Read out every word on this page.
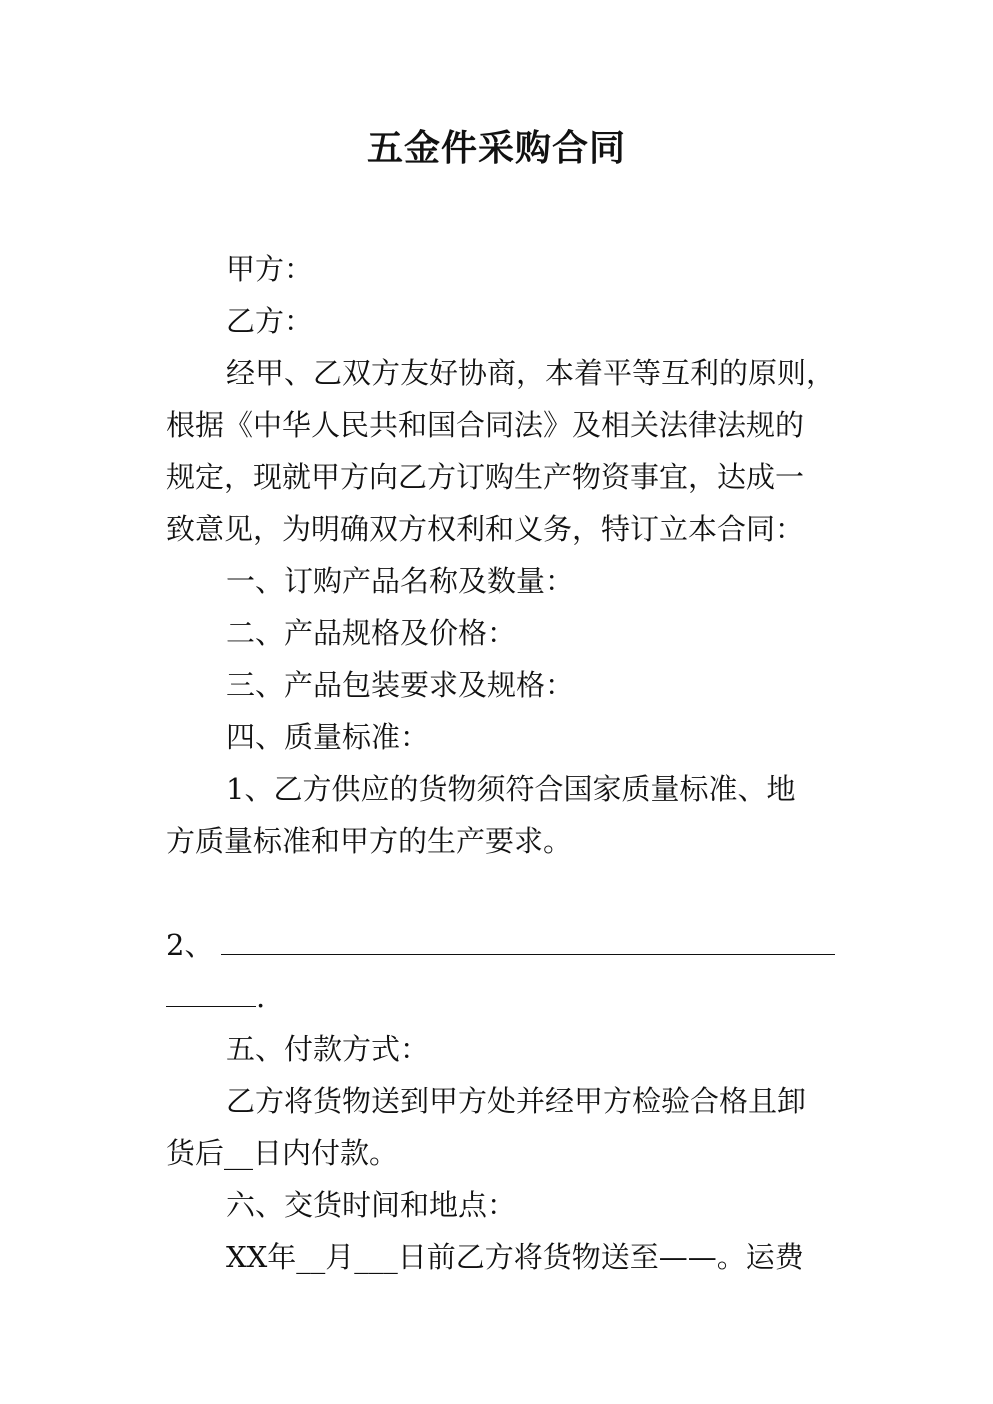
五金件采购合同
甲方：
乙方：
经甲、乙双方友好协商，本着平等互利的原则，
根据《中华人民共和国合同法》及相关法律法规的
规定，现就甲方向乙方订购生产物资事宜，达成一
致意见，为明确双方权利和义务，特订立本合同：
一、订购产品名称及数量：
二、产品规格及价格：
三、产品包装要求及规格：
四、质量标准：
1、乙方供应的货物须符合国家质量标准、地
方质量标准和甲方的生产要求。
2、
.
五、付款方式：
乙方将货物送到甲方处并经甲方检验合格且卸
货后__日内付款。
六、交货时间和地点：
XX年__月___日前乙方将货物送至——。运费
